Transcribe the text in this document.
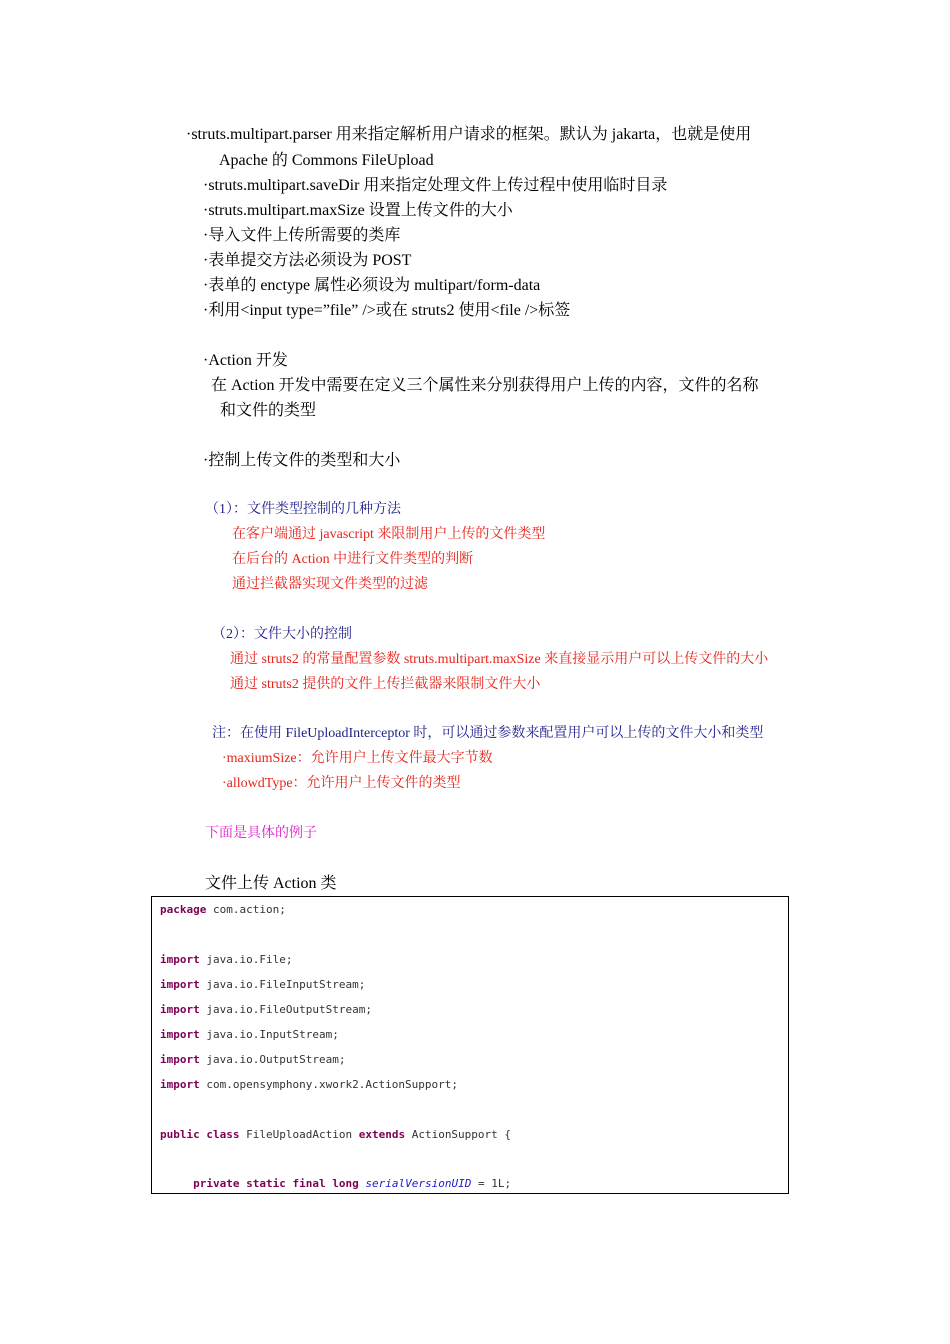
·struts.multipart.parser 用来指定解析用户请求的框架。默认为 jakarta，也就是使用
Apache 的 Commons FileUpload
·struts.multipart.saveDir 用来指定处理文件上传过程中使用临时目录
·struts.multipart.maxSize 设置上传文件的大小
·导入文件上传所需要的类库
·表单提交方法必须设为 POST
·表单的 enctype 属性必须设为 multipart/form-data
·利用<input type=”file” />或在 struts2 使用<file />标签
·Action 开发
在 Action 开发中需要在定义三个属性来分别获得用户上传的内容，文件的名称
和文件的类型
·控制上传文件的类型和大小
（1）：文件类型控制的几种方法
在客户端通过 javascript 来限制用户上传的文件类型
在后台的 Action 中进行文件类型的判断
通过拦截器实现文件类型的过滤
（2）：文件大小的控制
通过 struts2 的常量配置参数 struts.multipart.maxSize 来直接显示用户可以上传文件的大小
通过 struts2 提供的文件上传拦截器来限制文件大小
注：在使用 FileUploadInterceptor 时，可以通过参数来配置用户可以上传的文件大小和类型
·maxiumSize：允许用户上传文件最大字节数
·allowdType：允许用户上传文件的类型
下面是具体的例子
文件上传 Action 类
package com.action;
import java.io.File;
import java.io.FileInputStream;
import java.io.FileOutputStream;
import java.io.InputStream;
import java.io.OutputStream;
import com.opensymphony.xwork2.ActionSupport;
public class FileUploadAction extends ActionSupport {
private static final long serialVersionUID = 1L;
